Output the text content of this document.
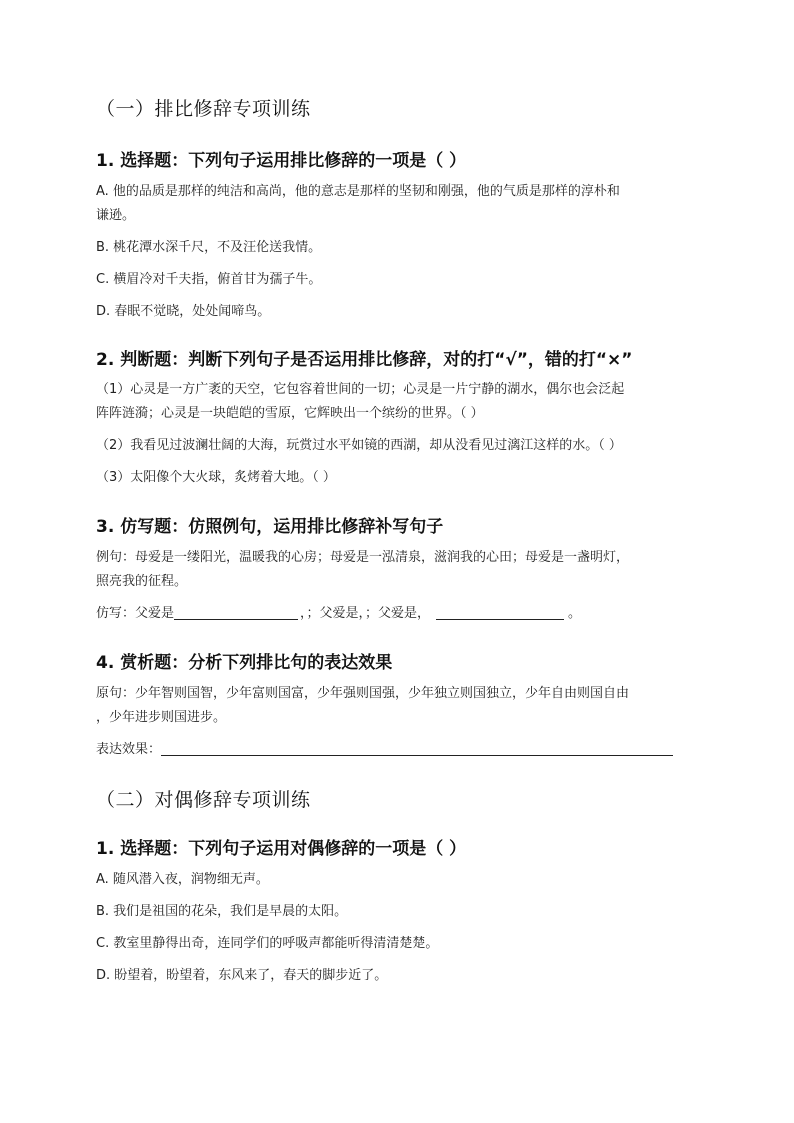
（一）排比修辞专项训练
1. 选择题：下列句子运用排比修辞的一项是（ ）
A. 他的品质是那样的纯洁和高尚，他的意志是那样的坚韧和刚强，他的气质是那样的淳朴和
谦逊。
B. 桃花潭水深千尺，不及汪伦送我情。
C. 横眉冷对千夫指，俯首甘为孺子牛。
D. 春眠不觉晓，处处闻啼鸟。
2. 判断题：判断下列句子是否运用排比修辞，对的打“√”，错的打“×”
（1）心灵是一方广袤的天空，它包容着世间的一切；心灵是一片宁静的湖水，偶尔也会泛起
阵阵涟漪；心灵是一块皑皑的雪原，它辉映出一个缤纷的世界。（ ）
（2）我看见过波澜壮阔的大海，玩赏过水平如镜的西湖，却从没看见过漓江这样的水。（ ）
（3）太阳像个大火球，炙烤着大地。（ ）
3. 仿写题：仿照例句，运用排比修辞补写句子
例句：母爱是一缕阳光，温暖我的心房；母爱是一泓清泉，滋润我的心田；母爱是一盏明灯，
照亮我的征程。
仿写：父爱是	，；父爱是，；父爱是，	。
4. 赏析题：分析下列排比句的表达效果
原句：少年智则国智，少年富则国富，少年强则国强，少年独立则国独立，少年自由则国自由
，少年进步则国进步。
表达效果：
（二）对偶修辞专项训练
1. 选择题：下列句子运用对偶修辞的一项是（ ）
A. 随风潜入夜，润物细无声。
B. 我们是祖国的花朵，我们是早晨的太阳。
C. 教室里静得出奇，连同学们的呼吸声都能听得清清楚楚。
D. 盼望着，盼望着，东风来了，春天的脚步近了。
